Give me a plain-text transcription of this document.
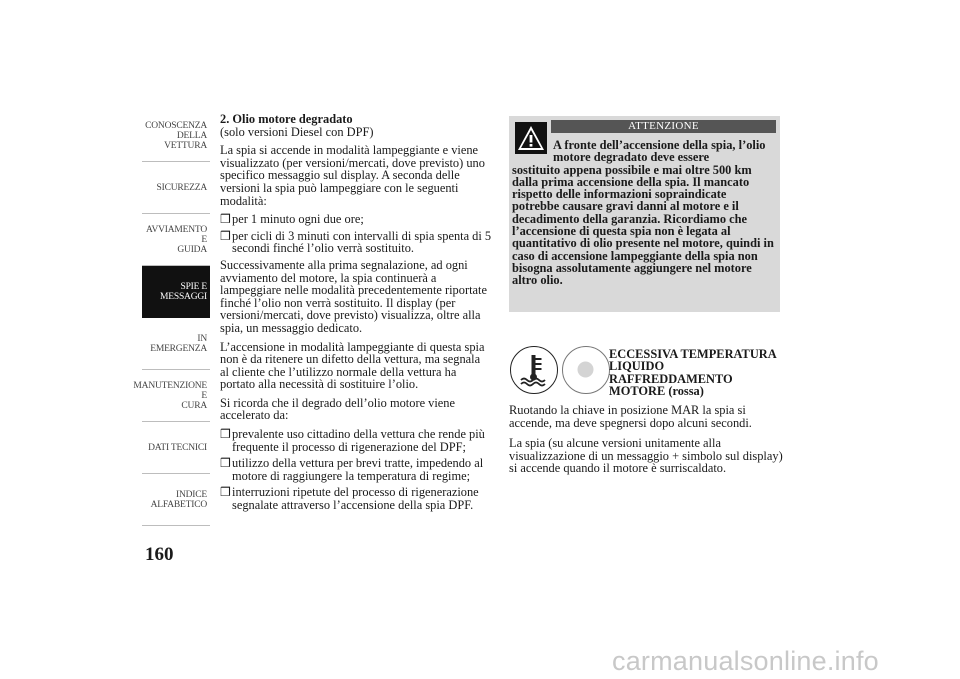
CONOSCENZA
DELLA VETTURA
SICUREZZA
AVVIAMENTO E
GUIDA
SPIE E MESSAGGI
IN EMERGENZA
MANUTENZIONE E
CURA
DATI TECNICI
INDICE
ALFABETICO
160

2. Olio motore degradato

(solo versioni Diesel con DPF)

La spia si accende in modalità lampeggiante e viene visualizzato (per versioni/mercati, dove previsto) uno specifico messaggio sul display. A seconda delle versioni la spia può lampeggiare con le seguenti modalità:

❒ per 1 minuto ogni due ore;
❒ per cicli di 3 minuti con intervalli di spia spenta di 5 secondi finché l’olio verrà sostituito.

Successivamente alla prima segnalazione, ad ogni avviamento del motore, la spia continuerà a lampeggiare nelle modalità precedentemente riportate finché l’olio non verrà sostituito. Il display (per versioni/mercati, dove previsto) visualizza, oltre alla spia, un messaggio dedicato.

L’accensione in modalità lampeggiante di questa spia non è da ritenere un difetto della vettura, ma segnala al cliente che l’utilizzo normale della vettura ha portato alla necessità di sostituire l’olio.

Si ricorda che il degrado dell’olio motore viene accelerato da:

❒ prevalente uso cittadino della vettura che rende più frequente il processo di rigenerazione del DPF;
❒ utilizzo della vettura per brevi tratte, impedendo al motore di raggiungere la temperatura di regime;
❒ interruzioni ripetute del processo di rigenerazione segnalate attraverso l’accensione della spia DPF.
ATTENZIONE
A fronte dell’accensione della spia, l’olio motore degradato deve essere
sostituito appena possibile e mai oltre 500 km dalla prima accensione della spia. Il mancato rispetto delle informazioni sopraindicate potrebbe causare gravi danni al motore e il decadimento della garanzia. Ricordiamo che l’accensione di questa spia non è legata al quantitativo di olio presente nel motore, quindi in caso di accensione lampeggiante della spia non bisogna assolutamente aggiungere nel motore altro olio.
ECCESSIVA TEMPERATURA LIQUIDO RAFFREDDAMENTO MOTORE (rossa)

Ruotando la chiave in posizione MAR la spia si accende, ma deve spegnersi dopo alcuni secondi.

La spia (su alcune versioni unitamente alla visualizzazione di un messaggio + simbolo sul display) si accende quando il motore è surriscaldato.

carmanualsonline.info
